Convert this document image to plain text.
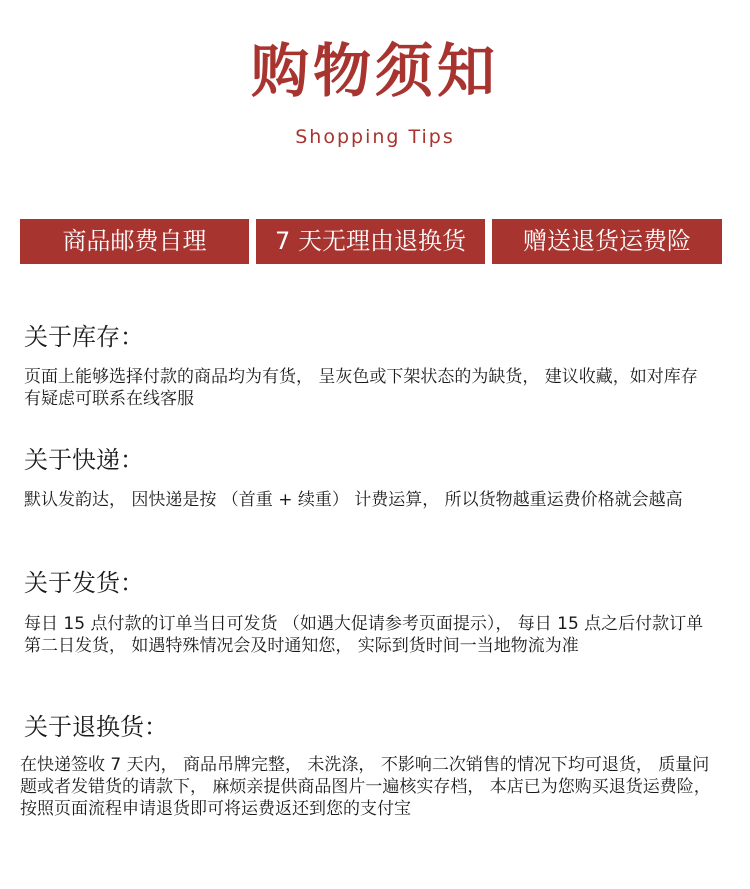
购物须知
Shopping Tips
商品邮费自理	7 天无理由退换货	赠送退货运费险
关于库存：

页面上能够选择付款的商品均为有货， 呈灰色或下架状态的为缺货， 建议收藏，如对库存有疑虑可联系在线客服

关于快递：

默认发韵达， 因快递是按 （首重 + 续重） 计费运算， 所以货物越重运费价格就会越高

关于发货：

每日 15 点付款的订单当日可发货 （如遇大促请参考页面提示）， 每日 15 点之后付款订单第二日发货， 如遇特殊情况会及时通知您， 实际到货时间一当地物流为准

关于退换货：

在快递签收 7 天内， 商品吊牌完整， 未洗涤， 不影响二次销售的情况下均可退货， 质量问题或者发错货的请款下， 麻烦亲提供商品图片一遍核实存档， 本店已为您购买退货运费险， 按照页面流程申请退货即可将运费返还到您的支付宝
